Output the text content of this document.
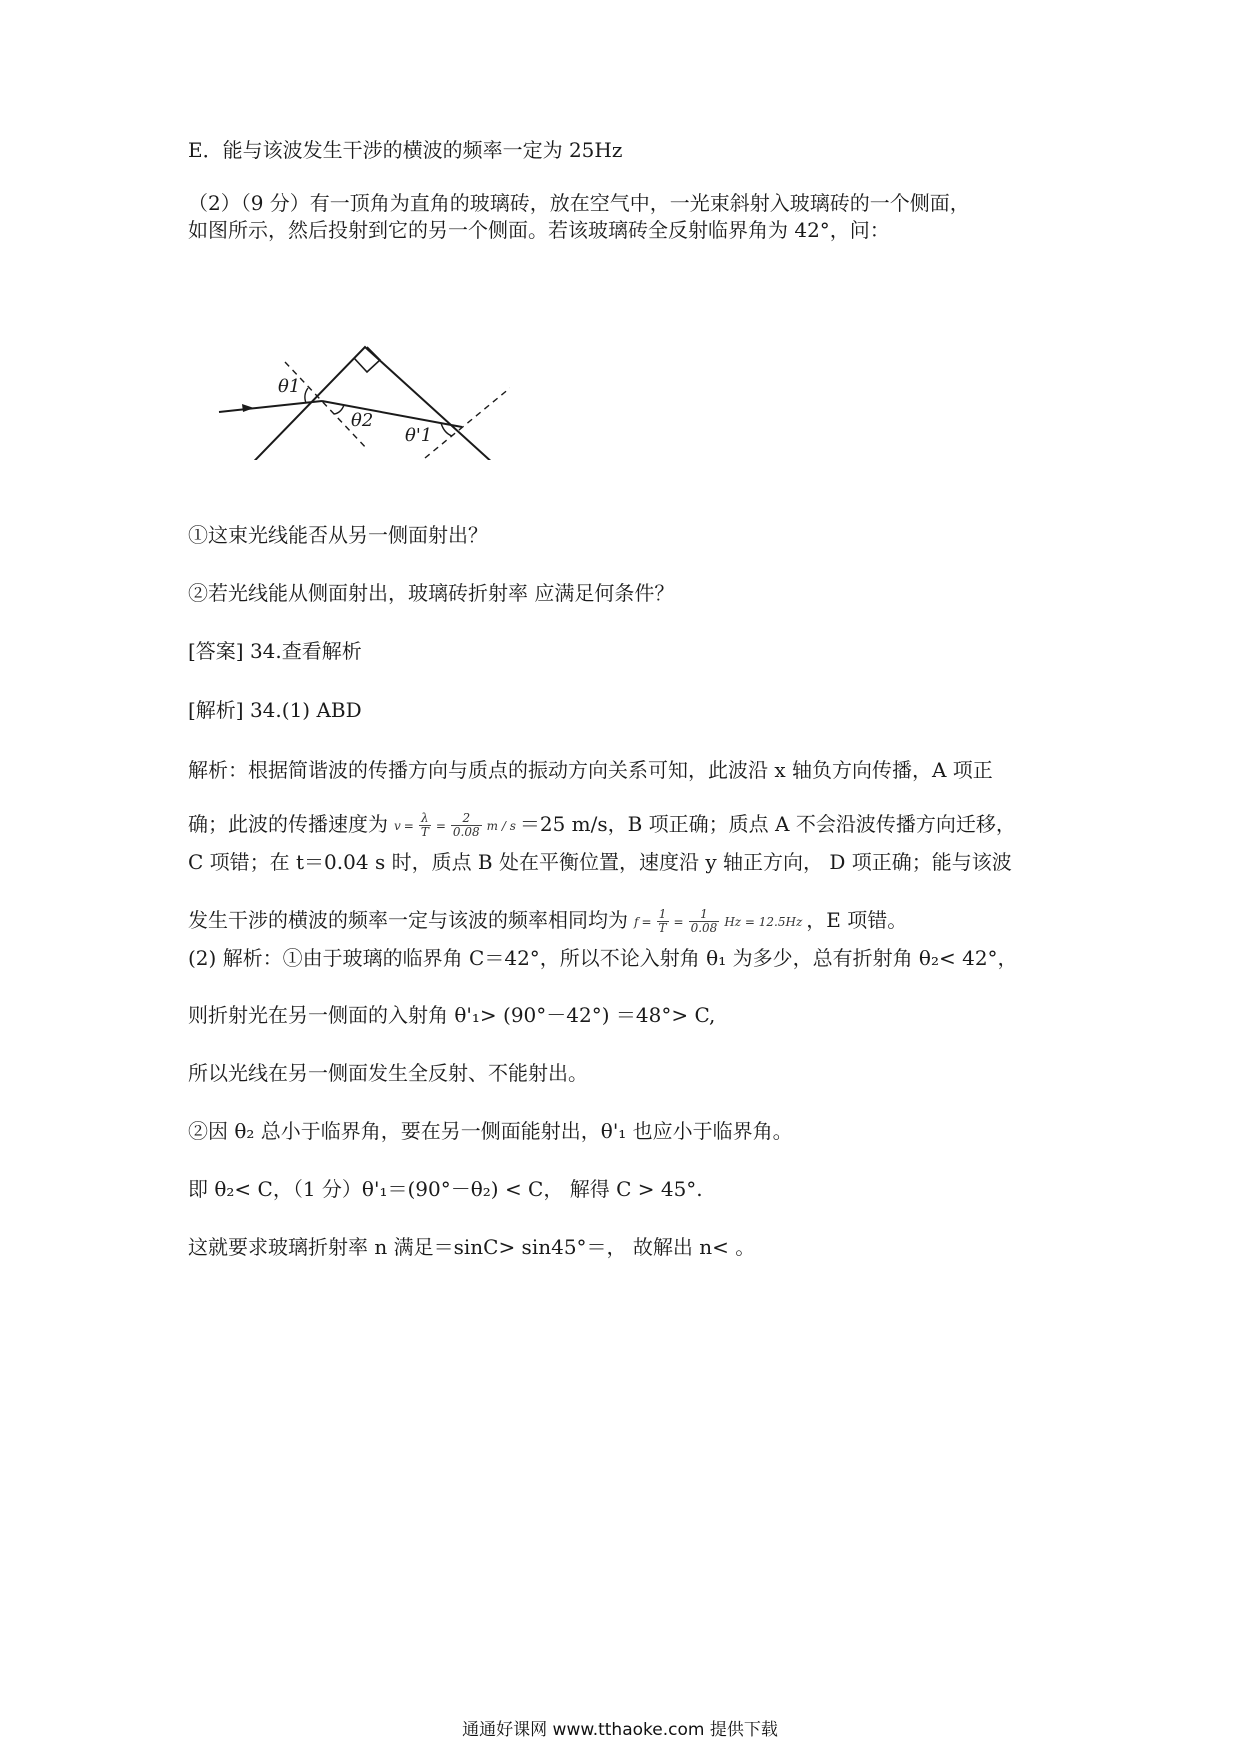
E．能与该波发生干涉的横波的频率一定为 25Hz
（2）（9 分）有一顶角为直角的玻璃砖，放在空气中，一光束斜射入玻璃砖的一个侧面，
如图所示，然后投射到它的另一个侧面。若该玻璃砖全反射临界角为 42°，问：
θ1
θ2
θ'1
①这束光线能否从另一侧面射出？
②若光线能从侧面射出，玻璃砖折射率 应满足何条件？
[答案] 34.查看解析
[解析] 34.(1) ABD
解析：根据简谐波的传播方向与质点的振动方向关系可知，此波沿 x 轴负方向传播，A 项正
确；此波的传播速度为 $v = \frac{\lambda}{T} = \frac{2}{0.08}$ m / s ＝25 m/s，B 项正确；质点 A 不会沿波传播方向迁移，
C 项错；在 t＝0.04 s 时，质点 B 处在平衡位置，速度沿 y 轴正方向， D 项正确；能与该波
发生干涉的横波的频率一定与该波的频率相同均为 $f = \frac{1}{T} = \frac{1}{0.08}$ Hz = 12.5Hz ，E 项错。
(2) 解析：①由于玻璃的临界角 C＝42°，所以不论入射角 θ₁ 为多少，总有折射角 θ₂< 42°，
则折射光在另一侧面的入射角 θ'₁> (90°－42°) ＝48°> C,
所以光线在另一侧面发生全反射、不能射出。
②因 θ₂ 总小于临界角，要在另一侧面能射出，θ'₁ 也应小于临界角。
即 θ₂< C，（1 分）θ'₁＝(90°－θ₂) < C， 解得 C > 45°.
这就要求玻璃折射率 n 满足＝sinC> sin45°＝， 故解出 n< 。
通通好课网 www.tthaoke.com 提供下载
